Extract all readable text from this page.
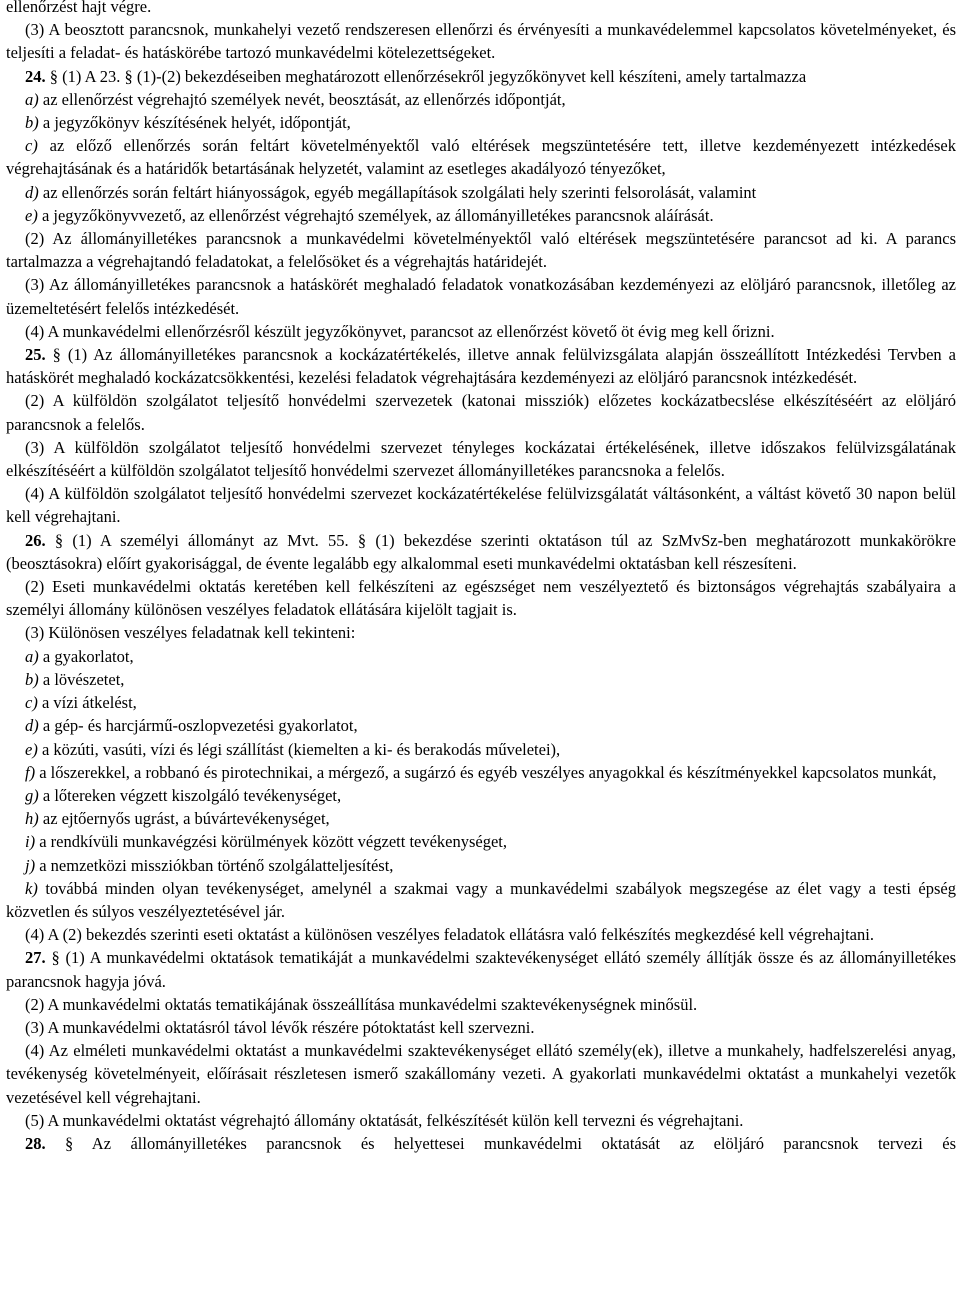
ellenőrzést hajt végre.

(3) A beosztott parancsnok, munkahelyi vezető rendszeresen ellenőrzi és érvényesíti a munkavédelemmel kapcsolatos követelményeket, és teljesíti a feladat- és hatáskörébe tartozó munkavédelmi kötelezettségeket.

24. § (1) A 23. § (1)-(2) bekezdéseiben meghatározott ellenőrzésekről jegyzőkönyvet kell készíteni, amely tartalmazza

a) az ellenőrzést végrehajtó személyek nevét, beosztását, az ellenőrzés időpontját,

b) a jegyzőkönyv készítésének helyét, időpontját,

c) az előző ellenőrzés során feltárt követelményektől való eltérések megszüntetésére tett, illetve kezdeményezett intézkedések végrehajtásának és a határidők betartásának helyzetét, valamint az esetleges akadályozó tényezőket,

d) az ellenőrzés során feltárt hiányosságok, egyéb megállapítások szolgálati hely szerinti felsorolását, valamint

e) a jegyzőkönyvvezető, az ellenőrzést végrehajtó személyek, az állományilletékes parancsnok aláírását.

(2) Az állományilletékes parancsnok a munkavédelmi követelményektől való eltérések megszüntetésére parancsot ad ki. A parancs tartalmazza a végrehajtandó feladatokat, a felelősöket és a végrehajtás határidejét.

(3) Az állományilletékes parancsnok a hatáskörét meghaladó feladatok vonatkozásában kezdeményezi az elöljáró parancsnok, illetőleg az üzemeltetésért felelős intézkedését.

(4) A munkavédelmi ellenőrzésről készült jegyzőkönyvet, parancsot az ellenőrzést követő öt évig meg kell őrizni.

25. § (1) Az állományilletékes parancsnok a kockázatértékelés, illetve annak felülvizsgálata alapján összeállított Intézkedési Tervben a hatáskörét meghaladó kockázatcsökkentési, kezelési feladatok végrehajtására kezdeményezi az elöljáró parancsnok intézkedését.

(2) A külföldön szolgálatot teljesítő honvédelmi szervezetek (katonai missziók) előzetes kockázatbecslése elkészítéséért az elöljáró parancsnok a felelős.

(3) A külföldön szolgálatot teljesítő honvédelmi szervezet tényleges kockázatai értékelésének, illetve időszakos felülvizsgálatának elkészítéséért a külföldön szolgálatot teljesítő honvédelmi szervezet állományilletékes parancsnoka a felelős.

(4) A külföldön szolgálatot teljesítő honvédelmi szervezet kockázatértékelése felülvizsgálatát váltásonként, a váltást követő 30 napon belül kell végrehajtani.

26. § (1) A személyi állományt az Mvt. 55. § (1) bekezdése szerinti oktatáson túl az SzMvSz-ben meghatározott munkakörökre (beosztásokra) előírt gyakorisággal, de évente legalább egy alkalommal eseti munkavédelmi oktatásban kell részesíteni.

(2) Eseti munkavédelmi oktatás keretében kell felkészíteni az egészséget nem veszélyeztető és biztonságos végrehajtás szabályaira a személyi állomány különösen veszélyes feladatok ellátására kijelölt tagjait is.

(3) Különösen veszélyes feladatnak kell tekinteni:

a) a gyakorlatot,

b) a lövészetet,

c) a vízi átkelést,

d) a gép- és harcjármű-oszlopvezetési gyakorlatot,

e) a közúti, vasúti, vízi és légi szállítást (kiemelten a ki- és berakodás műveletei),

f) a lőszerekkel, a robbanó és pirotechnikai, a mérgező, a sugárzó és egyéb veszélyes anyagokkal és készítményekkel kapcsolatos munkát,

g) a lőtereken végzett kiszolgáló tevékenységet,

h) az ejtőernyős ugrást, a búvártevékenységet,

i) a rendkívüli munkavégzési körülmények között végzett tevékenységet,

j) a nemzetközi missziókban történő szolgálatteljesítést,

k) továbbá minden olyan tevékenységet, amelynél a szakmai vagy a munkavédelmi szabályok megszegése az élet vagy a testi épség közvetlen és súlyos veszélyeztetésével jár.

(4) A (2) bekezdés szerinti eseti oktatást a különösen veszélyes feladatok ellátásra való felkészítés megkezdésé kell végrehajtani.

27. § (1) A munkavédelmi oktatások tematikáját a munkavédelmi szaktevékenységet ellátó személy állítják össze és az állományilletékes parancsnok hagyja jóvá.

(2) A munkavédelmi oktatás tematikájának összeállítása munkavédelmi szaktevékenységnek minősül.

(3) A munkavédelmi oktatásról távol lévők részére pótoktatást kell szervezni.

(4) Az elméleti munkavédelmi oktatást a munkavédelmi szaktevékenységet ellátó személy(ek), illetve a munkahely, hadfelszerelési anyag, tevékenység követelményeit, előírásait részletesen ismerő szakállomány vezeti. A gyakorlati munkavédelmi oktatást a munkahelyi vezetők vezetésével kell végrehajtani.

(5) A munkavédelmi oktatást végrehajtó állomány oktatását, felkészítését külön kell tervezni és végrehajtani.

28. § Az állományilletékes parancsnok és helyettesei munkavédelmi oktatását az elöljáró parancsnok tervezi és
